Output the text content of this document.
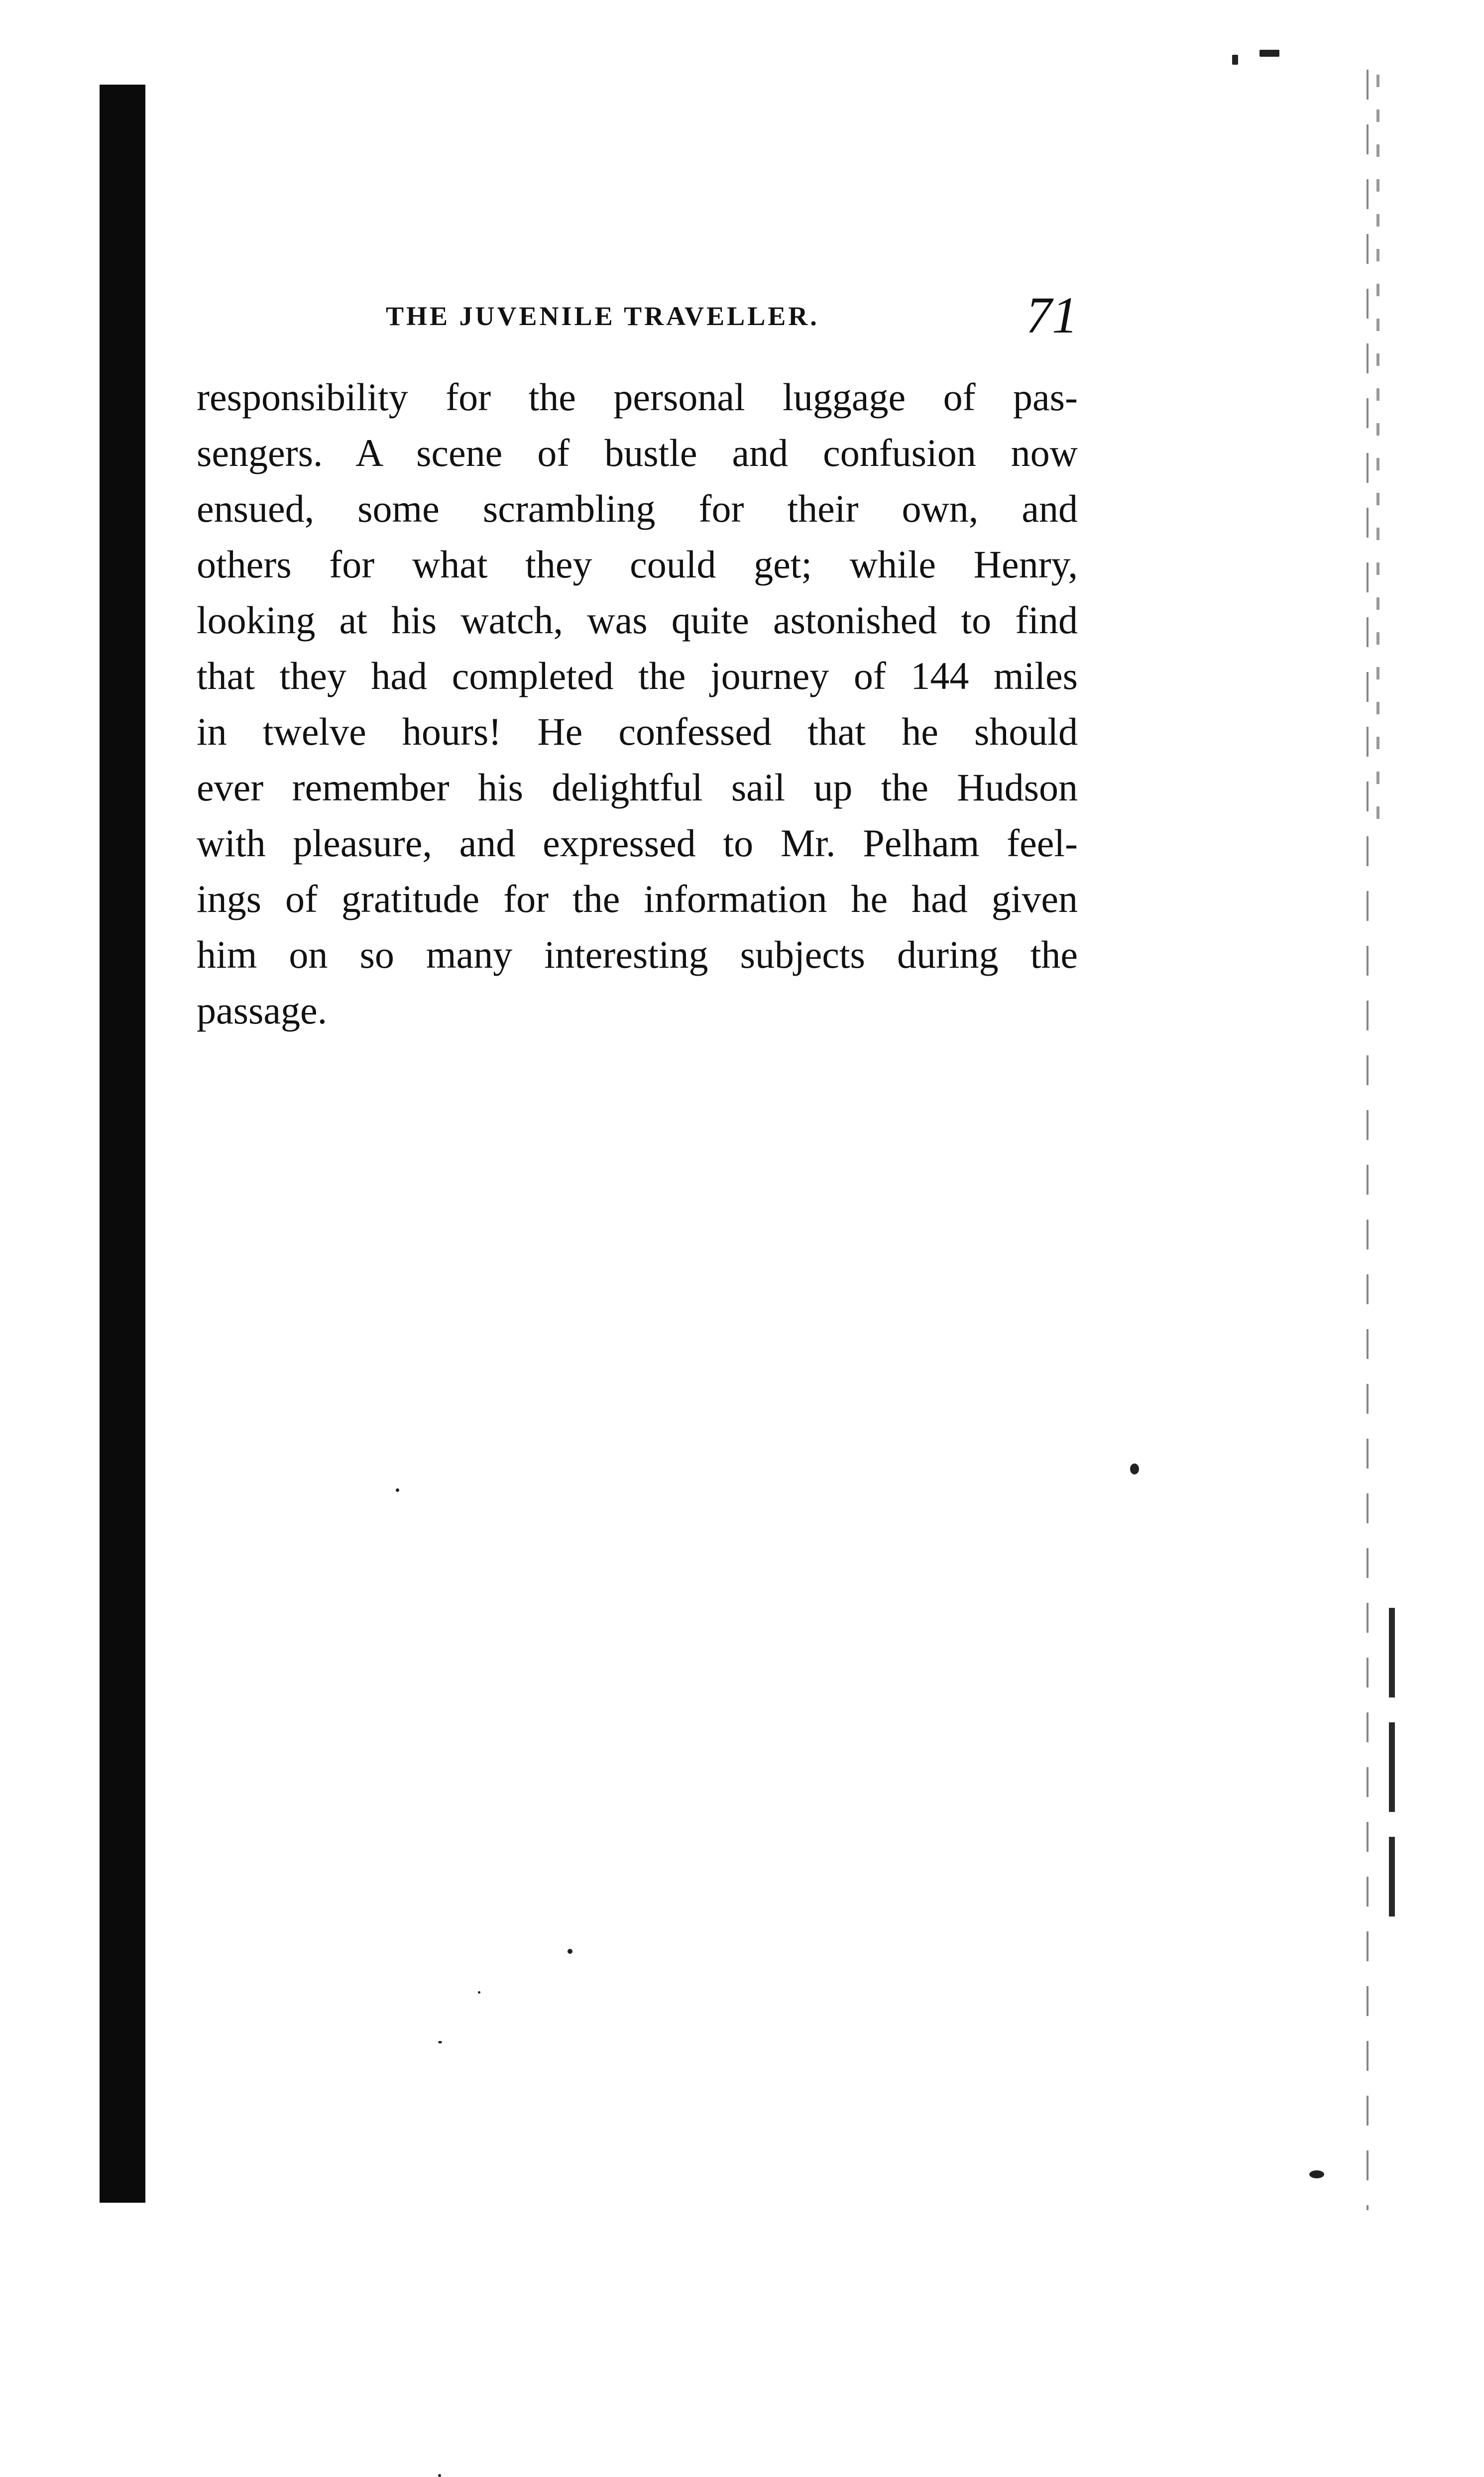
THE JUVENILE TRAVELLER.	71
responsibility for the personal luggage of pas-
sengers. A scene of bustle and confusion now
ensued, some scrambling for their own, and
others for what they could get; while Henry,
looking at his watch, was quite astonished to find
that they had completed the journey of 144 miles
in twelve hours! He confessed that he should
ever remember his delightful sail up the Hudson
with pleasure, and expressed to Mr. Pelham feel-
ings of gratitude for the information he had given
him on so many interesting subjects during the
passage.
